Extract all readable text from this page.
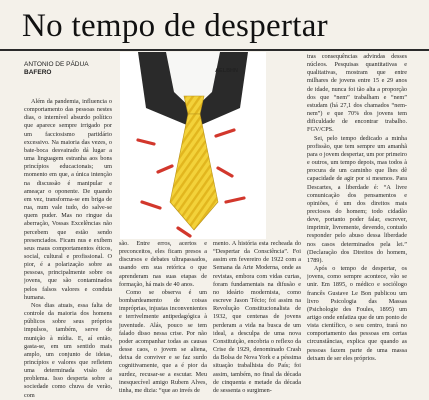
No tempo de despertar
ANTONIO DE PÁDUA
BAFERO	AELBHN

Além da pandemia, influencia o comportamento das pessoas nestes dias, o internível absurdo político que aparece sempre irrigado por um facciosismo partidário excessivo. Na maioria das vezes, o bate-boca desvairado dá lugar a uma linguagem estranha aos bons princípios educacionais; um momento em que, a única intenção na discussão é manipular e ameaçar o oponente. De quando em vez, transforma-se em briga de rua, num vale tudo, do salve-se quem puder. Mas no ringue da aberração, Vossas Excelências não percebem que estão sendo presenciados. Ficam nus e exibem seus maus comportamentos éticos, social, cultural e profissional. O pior, é a polarização sobre as pessoas, principalmente sobre os jovens, que são contaminados pelos falsos valores e conduta humana.

Nos dias atuais, essa falta de controle da maioria dos homens públicos sobre seus próprios impulsos, também, serve de munição à mídia. E, aí então, gasta-se, em um sentido mais amplo, um conjunto de ideias, princípios e valores que refletem uma determinada visão de problema. Isso desperta sobre a sociedade como chuva de verão, com

são. Entre erros, acertos e preconceitos, eles ficam presos a discursos e debates ultrapassados, usando em sua retórica o que aprenderam nas suas etapas de formação, há mais de 40 anos.

Como se observa é um bombardeamento de coisas impróprias, injustas inconvenientes e terrivelmente antipedagógica à juventude. Alás, pouco se tem falado disso nessa crise. Por não poder acompanhar todas as causas desse caos, o jovem se aliena, deixa de conviver e se faz surdo cognitivamente, que a é pior da surdez, recusar-se a escutar. Meu inesquecível amigo Rubem Alves, tinha, me dizia: “que ao invés de

mento. A história esta recheada do “Despertar da Consciência”. Foi assim em fevereiro de 1922 com a Semana da Arte Moderna, onde as revistas, embora com vidas curtas, foram fundamentais na difusão e no ideário modernista, como escreve Jason Técio; foi assim na Revolução Constitucionalista de 1932, que centenas de jovens perderam a vida na busca de um ideal, a desculpa de uma nova Constituição, encobria o reflexo da Crise de 1929, denominado Crash da Bolsa de Nova York e a péssima situação trabalhista do País; foi assim, também, no final da década de cinquenta e metade da década de sessenta o surgimen-

tras consequências advindas desses núcleos. Pesquisas quantitativas e qualitativas, mostram que entre milhares de jovens entre 15 e 29 anos de idade, nunca foi tão alta a proporção dos que “nem” trabalham e “nem” estudam (há 27,1 dos chamados “nem-nem”) e que 70% dos jovens tem dificuldade de encontrar trabalho. FGV/CPS.

Sei, pelo tempo dedicado a minha profissão, que tem sempre um amanhã para o jovem despertar, um por primeiro e outros, um tempo depois, mas todos à procura de um caminho que lhes dê capacidade de agir por si mesmos. Para Descartes, a liberdade é: “A livre comunicação dos pensamentos e opiniões, é um dos direitos mais preciosos do homem; todo cidadão deve, portanto poder falar, escrever, imprimir, livremente, devendo, contudo responder pelo abuso dessa liberdade nos casos determinados pela lei.” (Declaração dos Direitos do homem, 1789).

Após o tempo de despertar, os jovens, como sempre acontece, vão se unir. Em 1895, o médico e sociólogo francês Gustave Le Bon publicou um livro Psicologia das Massas (Psichologie des Foules, 1895) um artigo onde enfatiza que de um ponto de vista científico, o seu centro, trará no comportamento das pessoas em certas circunstâncias, explica que quando as pessoas fazem parte de uma massa deixam de ser eles próprios.
